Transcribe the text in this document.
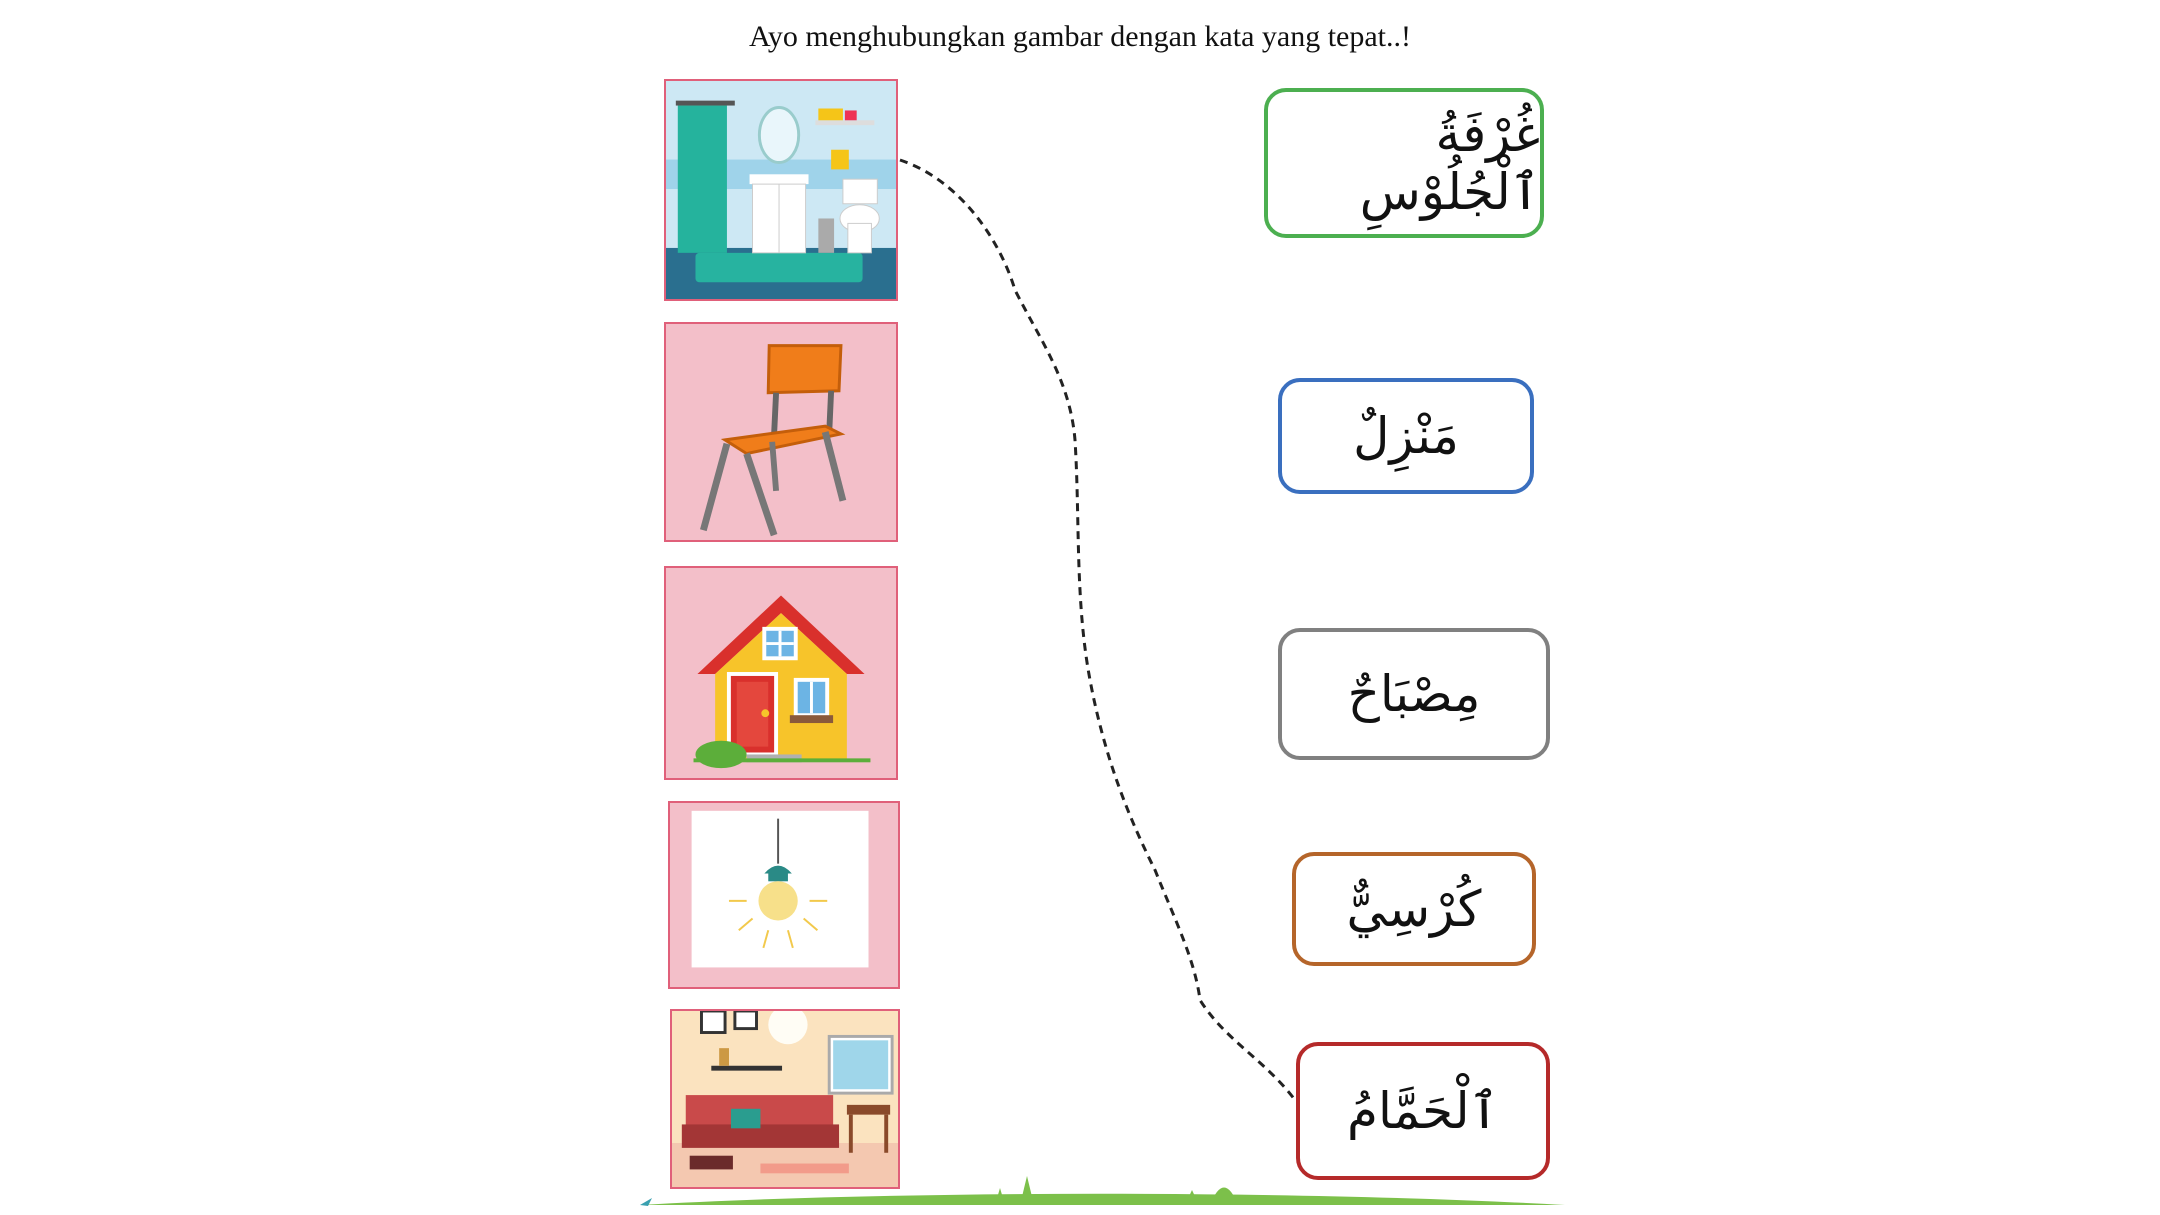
Ayo menghubungkan gambar dengan kata yang tepat..!
غُرْفَةُ ٱلْجُلُوْسِ
مَنْزِلٌ
مِصْبَاحٌ
كُرْسِيٌّ
ٱلْحَمَّامُ
